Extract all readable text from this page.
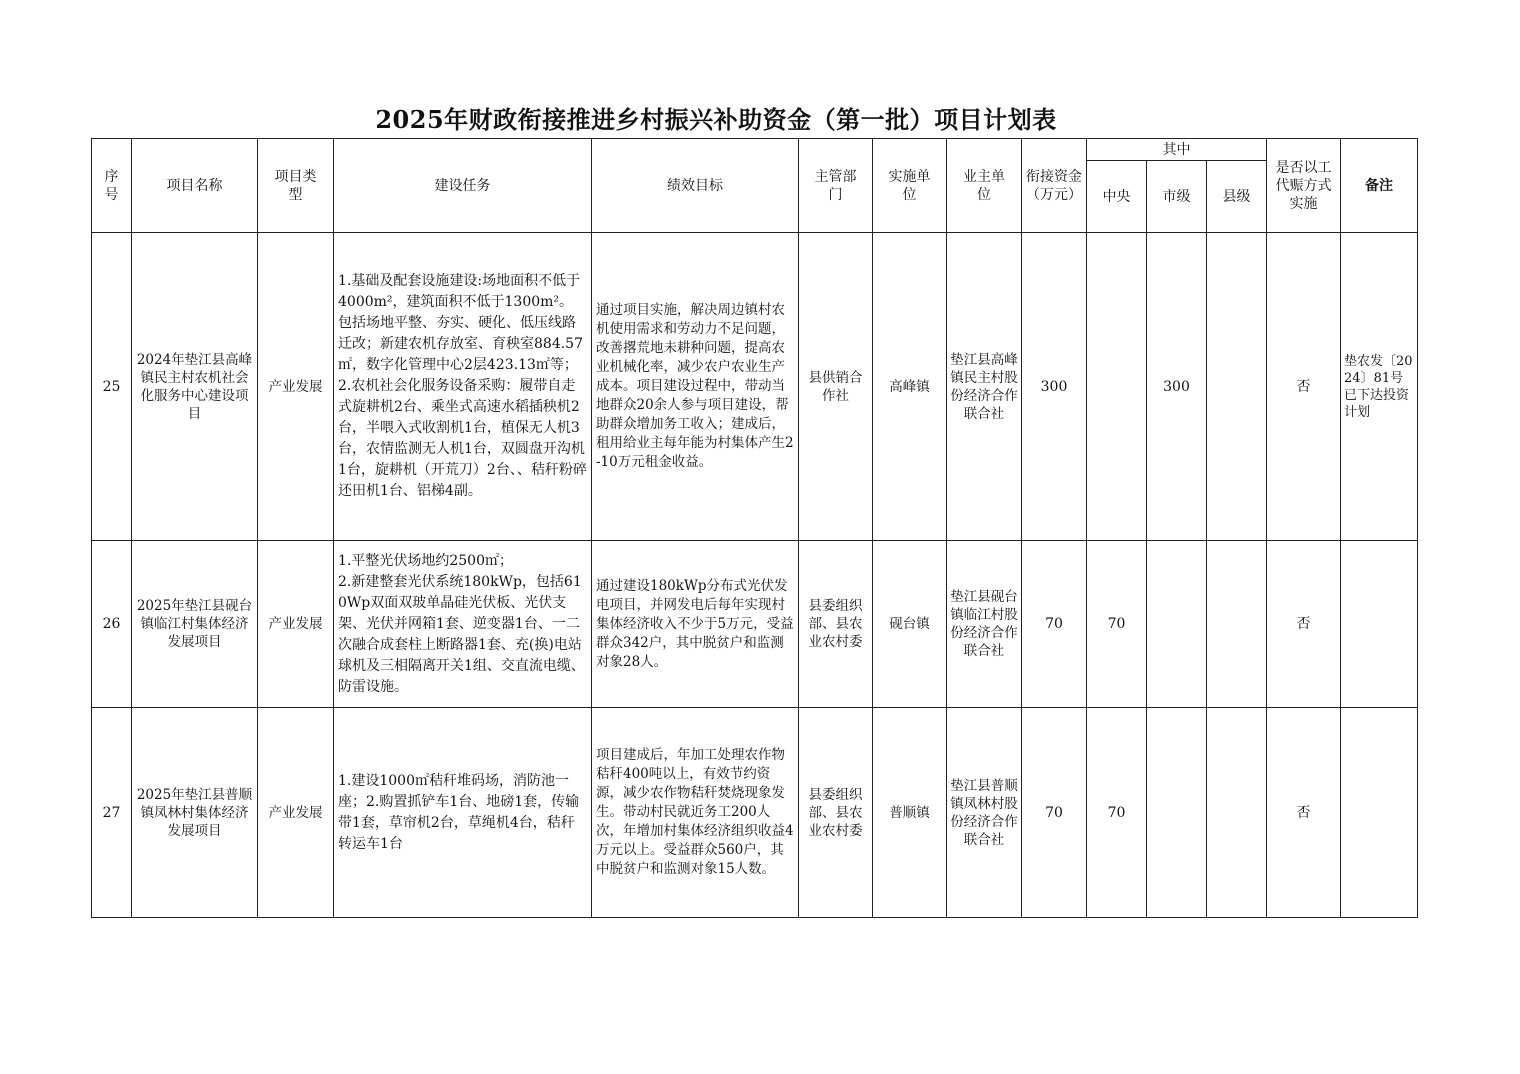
2025年财政衔接推进乡村振兴补助资金（第一批）项目计划表
序号	项目名称	项目类型	建设任务	绩效目标	主管部门	实施单位	业主单位	衔接资金（万元）	其中			是否以工代赈方式实施	备注
									中央	市级	县级		
25	2024年垫江县高峰镇民主村农机社会化服务中心建设项目	产业发展	1.基础及配套设施建设:场地面积不低于4000m²，建筑面积不低于1300m²。包括场地平整、夯实、硬化、低压线路迁改；新建农机存放室、育秧室884.57㎡，数字化管理中心2层423.13㎡等；
2.农机社会化服务设备采购：履带自走式旋耕机2台、乘坐式高速水稻插秧机2台，半喂入式收割机1台，植保无人机3台，农情监测无人机1台，双圆盘开沟机1台，旋耕机（开荒刀）2台、、秸秆粉碎还田机1台、铝梯4副。	通过项目实施，解决周边镇村农机使用需求和劳动力不足问题，改善撂荒地未耕种问题，提高农业机械化率，减少农户农业生产成本。项目建设过程中，带动当地群众20余人参与项目建设，帮助群众增加务工收入；建成后，租用给业主每年能为村集体产生2-10万元租金收益。	县供销合作社	高峰镇	垫江县高峰镇民主村股份经济合作联合社	300		300		否	垫农发〔2024〕81号已下达投资计划
26	2025年垫江县砚台镇临江村集体经济发展项目	产业发展	1.平整光伏场地约2500㎡；
2.新建整套光伏系统180kWp，包括610Wp双面双玻单晶硅光伏板、光伏支架、光伏并网箱1套、逆变器1台、一二次融合成套柱上断路器1套、充(换)电站球机及三相隔离开关1组、交直流电缆、防雷设施。	通过建设180kWp分布式光伏发电项目，并网发电后每年实现村集体经济收入不少于5万元，受益群众342户，其中脱贫户和监测对象28人。	县委组织部、县农业农村委	砚台镇	垫江县砚台镇临江村股份经济合作联合社	70	70			否	
27	2025年垫江县普顺镇凤林村集体经济发展项目	产业发展	1.建设1000㎡秸秆堆码场，消防池一座；2.购置抓铲车1台、地磅1套，传输带1套，草帘机2台，草绳机4台，秸秆转运车1台	项目建成后，年加工处理农作物秸秆400吨以上，有效节约资源，减少农作物秸秆焚烧现象发生。带动村民就近务工200人次，年增加村集体经济组织收益4万元以上。受益群众560户，其中脱贫户和监测对象15人数。	县委组织部、县农业农村委	普顺镇	垫江县普顺镇凤林村股份经济合作联合社	70	70			否	
